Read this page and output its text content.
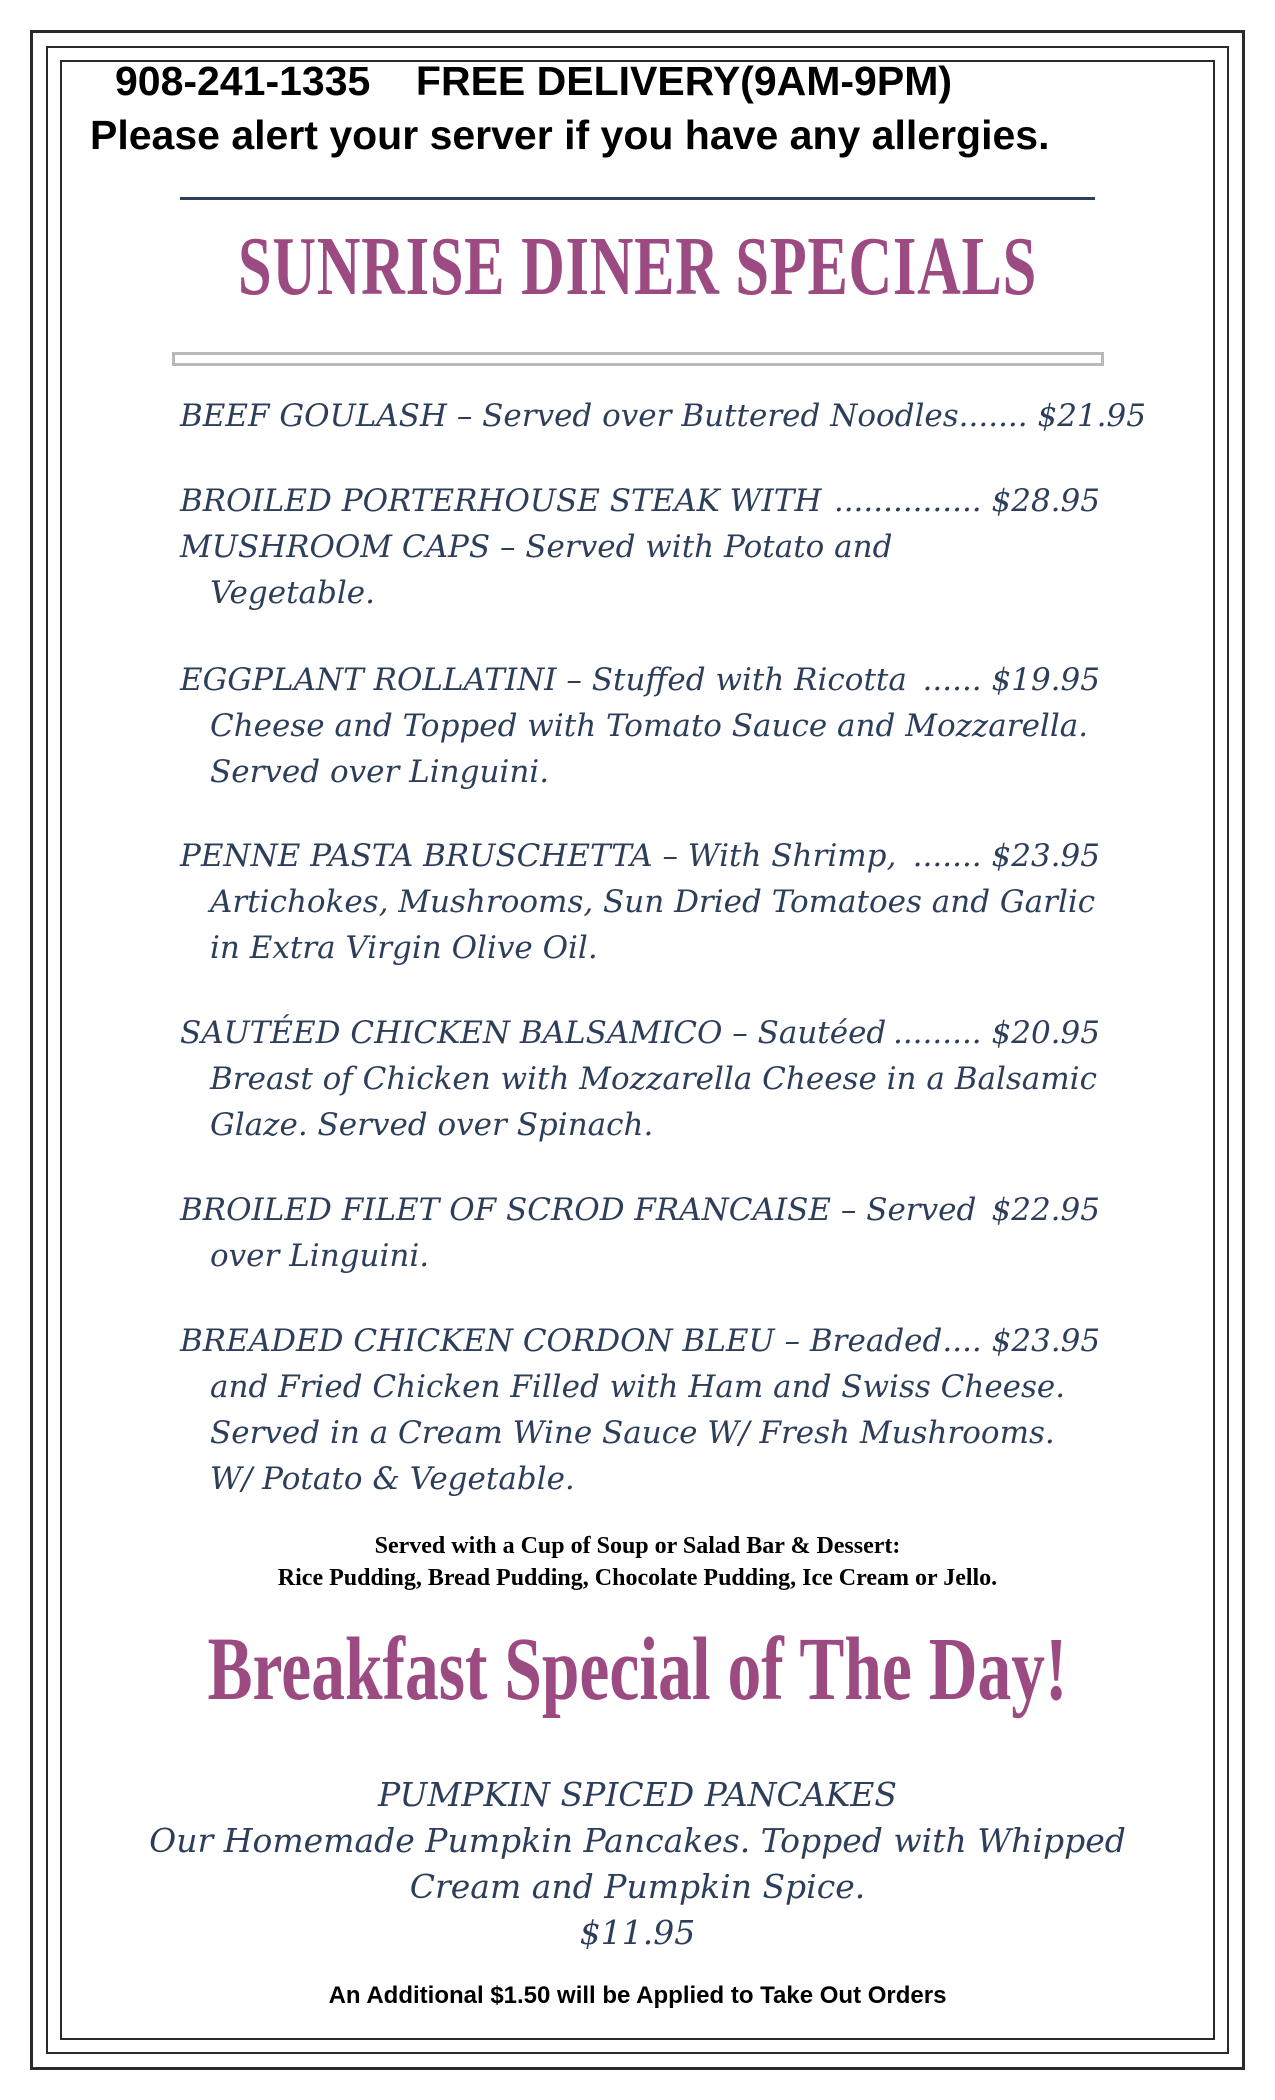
908-241-1335 FREE DELIVERY(9AM-9PM)
Please alert your server if you have any allergies.
SUNRISE DINER SPECIALS
BEEF GOULASH – Served over Buttered Noodles. ...... $21.95
BROILED PORTERHOUSE STEAK WITH ............... $28.95
MUSHROOM CAPS – Served with Potato and
Vegetable.
EGGPLANT ROLLATINI – Stuffed with Ricotta ...... $19.95
Cheese and Topped with Tomato Sauce and Mozzarella.
Served over Linguini.
PENNE PASTA BRUSCHETTA – With Shrimp, ....... $23.95
Artichokes, Mushrooms, Sun Dried Tomatoes and Garlic
in Extra Virgin Olive Oil.
SAUTÉED CHICKEN BALSAMICO – Sautéed ......... $20.95
Breast of Chicken with Mozzarella Cheese in a Balsamic
Glaze. Served over Spinach.
BROILED FILET OF SCROD FRANCAISE – Served $22.95
over Linguini.
BREADED CHICKEN CORDON BLEU – Breaded .... $23.95
and Fried Chicken Filled with Ham and Swiss Cheese.
Served in a Cream Wine Sauce W/ Fresh Mushrooms.
W/ Potato & Vegetable.
Served with a Cup of Soup or Salad Bar & Dessert:
Rice Pudding, Bread Pudding, Chocolate Pudding, Ice Cream or Jello.
Breakfast Special of The Day!
PUMPKIN SPICED PANCAKES
Our Homemade Pumpkin Pancakes. Topped with Whipped
Cream and Pumpkin Spice.
$11.95
An Additional $1.50 will be Applied to Take Out Orders
